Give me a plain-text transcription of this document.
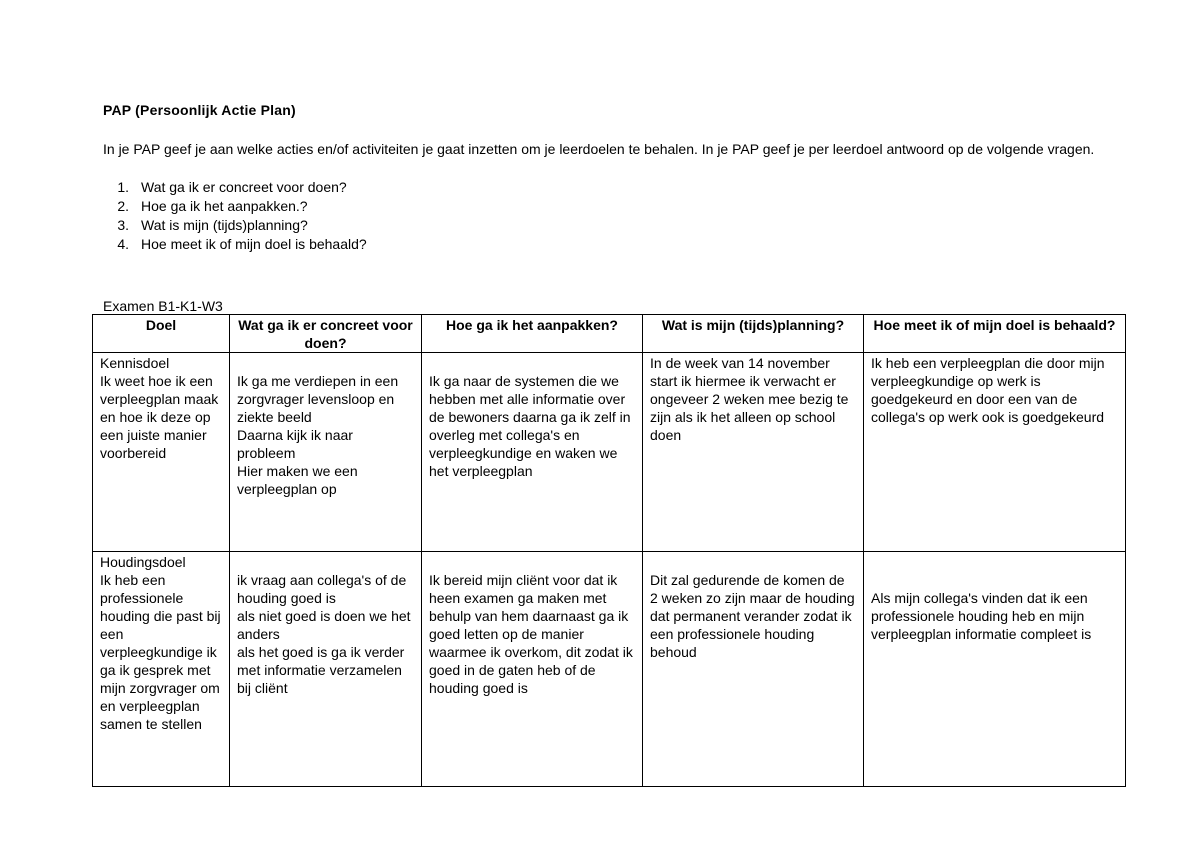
PAP (Persoonlijk Actie Plan)
In je PAP geef je aan welke acties en/of activiteiten je gaat inzetten om je leerdoelen te behalen. In je PAP geef je per leerdoel antwoord op de volgende vragen.
1. Wat ga ik er concreet voor doen?
2. Hoe ga ik het aanpakken.?
3. Wat is mijn (tijds)planning?
4. Hoe meet ik of mijn doel is behaald?
Examen B1-K1-W3
Doel	Wat ga ik er concreet voor doen?	Hoe ga ik het aanpakken?	Wat is mijn (tijds)planning?	Hoe meet ik of mijn doel is behaald?
Kennisdoel
Ik weet hoe ik een verpleegplan maak en hoe ik deze op een juiste manier voorbereid	Ik ga me verdiepen in een zorgvrager levensloop en ziekte beeld
Daarna kijk ik naar probleem
Hier maken we een verpleegplan op	Ik ga naar de systemen die we hebben met alle informatie over de bewoners daarna ga ik zelf in overleg met collega's en verpleegkundige en waken we het verpleegplan	In de week van 14 november start ik hiermee ik verwacht er ongeveer 2 weken mee bezig te zijn als ik het alleen op school doen	Ik heb een verpleegplan die door mijn verpleegkundige op werk is goedgekeurd en door een van de collega's op werk ook is goedgekeurd
Houdingsdoel
Ik heb een professionele houding die past bij een verpleegkundige ik ga ik gesprek met mijn zorgvrager om en verpleegplan samen te stellen	ik vraag aan collega's of de houding goed is
als niet goed is doen we het anders
als het goed is ga ik verder met informatie verzamelen bij cliënt	Ik bereid mijn cliënt voor dat ik heen examen ga maken met behulp van hem daarnaast ga ik goed letten op de manier waarmee ik overkom, dit zodat ik goed in de gaten heb of de houding goed is	Dit zal gedurende de komen de 2 weken zo zijn maar de houding dat permanent verander zodat ik een professionele houding behoud	Als mijn collega's vinden dat ik een professionele houding heb en mijn verpleegplan informatie compleet is
